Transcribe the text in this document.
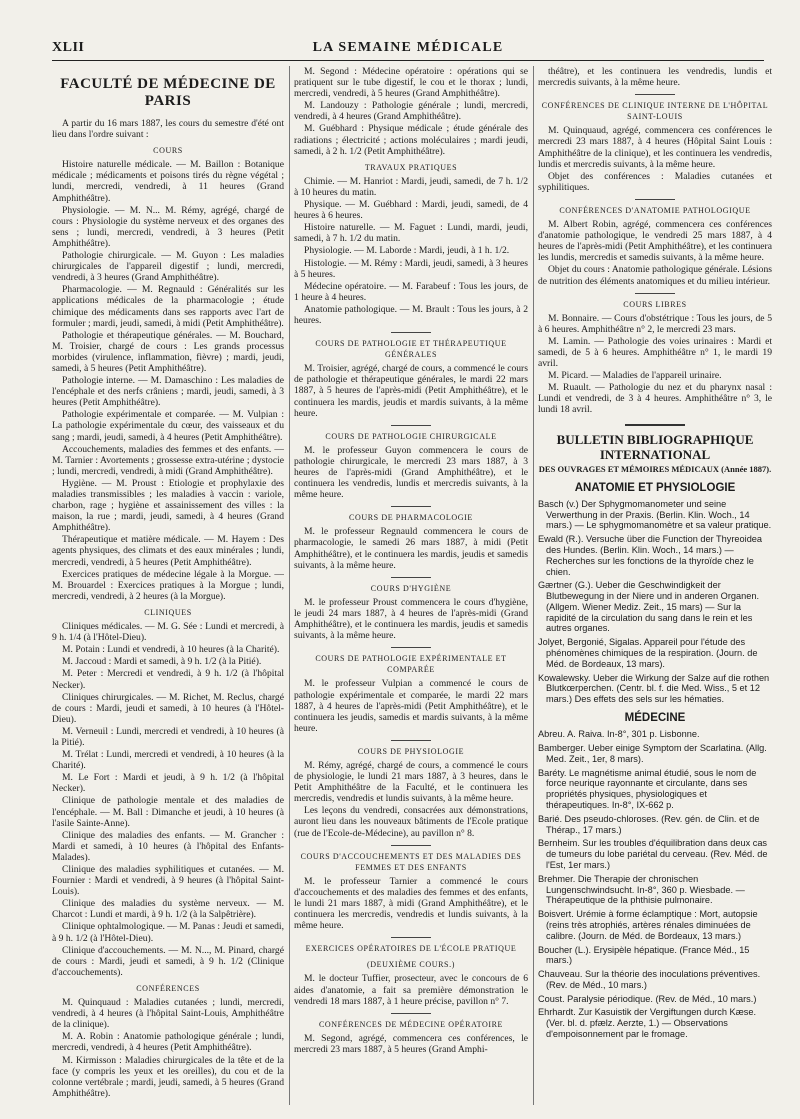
XLII	LA SEMAINE MÉDICALE
FACULTÉ DE MÉDECINE DE PARIS

A partir du 16 mars 1887, les cours du semestre d'été ont lieu dans l'ordre suivant :

COURS

Histoire naturelle médicale. — M. Baillon : Botanique médicale ; médicaments et poisons tirés du règne végétal ; lundi, mercredi, vendredi, à 11 heures (Grand Amphithéâtre).

Physiologie. — M. N... M. Rémy, agrégé, chargé de cours : Physiologie du système nerveux et des organes des sens ; lundi, mercredi, vendredi, à 3 heures (Petit Amphithéâtre).

Pathologie chirurgicale. — M. Guyon : Les maladies chirurgicales de l'appareil digestif ; lundi, mercredi, vendredi, à 3 heures (Grand Amphithéâtre).

Pharmacologie. — M. Regnauld : Généralités sur les applications médicales de la pharmacologie ; étude chimique des médicaments dans ses rapports avec l'art de formuler ; mardi, jeudi, samedi, à midi (Petit Amphithéâtre).

Pathologie et thérapeutique générales. — M. Bouchard, M. Troisier, chargé de cours : Les grands processus morbides (virulence, inflammation, fièvre) ; mardi, jeudi, samedi, à 5 heures (Petit Amphithéâtre).

Pathologie interne. — M. Damaschino : Les maladies de l'encéphale et des nerfs crâniens ; mardi, jeudi, samedi, à 3 heures (Petit Amphithéâtre).

Pathologie expérimentale et comparée. — M. Vulpian : La pathologie expérimentale du cœur, des vaisseaux et du sang ; mardi, jeudi, samedi, à 4 heures (Petit Amphithéâtre).

Accouchements, maladies des femmes et des enfants. — M. Tarnier : Avortements ; grossesse extra-utérine ; dystocie ; lundi, mercredi, vendredi, à midi (Grand Amphithéâtre).

Hygiène. — M. Proust : Etiologie et prophylaxie des maladies transmissibles ; les maladies à vaccin : variole, charbon, rage ; hygiène et assainissement des villes : la maison, la rue ; mardi, jeudi, samedi, à 4 heures (Grand Amphithéâtre).

Thérapeutique et matière médicale. — M. Hayem : Des agents physiques, des climats et des eaux minérales ; lundi, mercredi, vendredi, à 5 heures (Petit Amphithéâtre).

Exercices pratiques de médecine légale à la Morgue. — M. Brouardel : Exercices pratiques à la Morgue ; lundi, mercredi, vendredi, à 2 heures (à la Morgue).

CLINIQUES

Cliniques médicales. — M. G. Sée : Lundi et mercredi, à 9 h. 1/4 (à l'Hôtel-Dieu).

M. Potain : Lundi et vendredi, à 10 heures (à la Charité).

M. Jaccoud : Mardi et samedi, à 9 h. 1/2 (à la Pitié).

M. Peter : Mercredi et vendredi, à 9 h. 1/2 (à l'hôpital Necker).

Cliniques chirurgicales. — M. Richet, M. Reclus, chargé de cours : Mardi, jeudi et samedi, à 10 heures (à l'Hôtel-Dieu).

M. Verneuil : Lundi, mercredi et vendredi, à 10 heures (à la Pitié).

M. Trélat : Lundi, mercredi et vendredi, à 10 heures (à la Charité).

M. Le Fort : Mardi et jeudi, à 9 h. 1/2 (à l'hôpital Necker).

Clinique de pathologie mentale et des maladies de l'encéphale. — M. Ball : Dimanche et jeudi, à 10 heures (à l'asile Sainte-Anne).

Clinique des maladies des enfants. — M. Grancher : Mardi et samedi, à 10 heures (à l'hôpital des Enfants-Malades).

Clinique des maladies syphilitiques et cutanées. — M. Fournier : Mardi et vendredi, à 9 heures (à l'hôpital Saint-Louis).

Clinique des maladies du système nerveux. — M. Charcot : Lundi et mardi, à 9 h. 1/2 (à la Salpêtrière).

Clinique ophtalmologique. — M. Panas : Jeudi et samedi, à 9 h. 1/2 (à l'Hôtel-Dieu).

Clinique d'accouchements. — M. N..., M. Pinard, chargé de cours : Mardi, jeudi et samedi, à 9 h. 1/2 (Clinique d'accouchements).

CONFÉRENCES

M. Quinquaud : Maladies cutanées ; lundi, mercredi, vendredi, à 4 heures (à l'hôpital Saint-Louis, Amphithéâtre de la clinique).

M. A. Robin : Anatomie pathologique générale ; lundi, mercredi, vendredi, à 4 heures (Petit Amphithéâtre).

M. Kirmisson : Maladies chirurgicales de la tête et de la face (y compris les yeux et les oreilles), du cou et de la colonne vertébrale ; mardi, jeudi, samedi, à 5 heures (Grand Amphithéâtre).

M. Segond : Médecine opératoire : opérations qui se pratiquent sur le tube digestif, le cou et le thorax ; lundi, mercredi, vendredi, à 5 heures (Grand Amphithéâtre).

M. Landouzy : Pathologie générale ; lundi, mercredi, vendredi, à 4 heures (Grand Amphithéâtre).

M. Guébhard : Physique médicale ; étude générale des radiations ; électricité ; actions moléculaires ; mardi jeudi, samedi, à 2 h. 1/2 (Petit Amphithéâtre).

TRAVAUX PRATIQUES

Chimie. — M. Hanriot : Mardi, jeudi, samedi, de 7 h. 1/2 à 10 heures du matin.

Physique. — M. Guébhard : Mardi, jeudi, samedi, de 4 heures à 6 heures.

Histoire naturelle. — M. Faguet : Lundi, mardi, jeudi, samedi, à 7 h. 1/2 du matin.

Physiologie. — M. Laborde : Mardi, jeudi, à 1 h. 1/2.

Histologie. — M. Rémy : Mardi, jeudi, samedi, à 3 heures à 5 heures.

Médecine opératoire. — M. Farabeuf : Tous les jours, de 1 heure à 4 heures.

Anatomie pathologique. — M. Brault : Tous les jours, à 2 heures.

COURS DE PATHOLOGIE ET THÉRAPEUTIQUE GÉNÉRALES

M. Troisier, agrégé, chargé de cours, a commencé le cours de pathologie et thérapeutique générales, le mardi 22 mars 1887, à 5 heures de l'après-midi (Petit Amphithéâtre), et le continuera les mardis, jeudis et mardis suivants, à la même heure.

COURS DE PATHOLOGIE CHIRURGICALE

M. le professeur Guyon commencera le cours de pathologie chirurgicale, le mercredi 23 mars 1887, à 3 heures de l'après-midi (Grand Amphithéâtre), et le continuera les vendredis, lundis et mercredis suivants, à la même heure.

COURS DE PHARMACOLOGIE

M. le professeur Regnauld commencera le cours de pharmacologie, le samedi 26 mars 1887, à midi (Petit Amphithéâtre), et le continuera les mardis, jeudis et samedis suivants, à la même heure.

COURS D'HYGIÈNE

M. le professeur Proust commencera le cours d'hygiène, le jeudi 24 mars 1887, à 4 heures de l'après-midi (Grand Amphithéâtre), et le continuera les mardis, jeudis et samedis suivants, à la même heure.

COURS DE PATHOLOGIE EXPÉRIMENTALE ET COMPARÉE

M. le professeur Vulpian a commencé le cours de pathologie expérimentale et comparée, le mardi 22 mars 1887, à 4 heures de l'après-midi (Petit Amphithéâtre), et le continuera les jeudis, samedis et mardis suivants, à la même heure.

COURS DE PHYSIOLOGIE

M. Rémy, agrégé, chargé de cours, a commencé le cours de physiologie, le lundi 21 mars 1887, à 3 heures, dans le Petit Amphithéâtre de la Faculté, et le continuera les mercredis, vendredis et lundis suivants, à la même heure.

Les leçons du vendredi, consacrées aux démonstrations, auront lieu dans les nouveaux bâtiments de l'Ecole pratique (rue de l'Ecole-de-Médecine), au pavillon n° 8.

COURS D'ACCOUCHEMENTS ET DES MALADIES DES FEMMES ET DES ENFANTS

M. le professeur Tarnier a commencé le cours d'accouchements et des maladies des femmes et des enfants, le lundi 21 mars 1887, à midi (Grand Amphithéâtre), et le continuera les mercredis, vendredis et lundis suivants, à la même heure.

EXERCICES OPÉRATOIRES DE L'ÉCOLE PRATIQUE
(DEUXIÈME COURS.)

M. le docteur Tuffier, prosecteur, avec le concours de 6 aides d'anatomie, a fait sa première démonstration le vendredi 18 mars 1887, à 1 heure précise, pavillon n° 7.

CONFÉRENCES DE MÉDECINE OPÉRATOIRE

M. Segond, agrégé, commencera ces conférences, le mercredi 23 mars 1887, à 5 heures (Grand Amphi-

théâtre), et les continuera les vendredis, lundis et mercredis suivants, à la même heure.

CONFÉRENCES DE CLINIQUE INTERNE DE L'HÔPITAL SAINT-LOUIS

M. Quinquaud, agrégé, commencera ces conférences le mercredi 23 mars 1887, à 4 heures (Hôpital Saint Louis : Amphithéâtre de la clinique), et les continuera les vendredis, lundis et mercredis suivants, à la même heure.

Objet des conférences : Maladies cutanées et syphilitiques.

CONFÉRENCES D'ANATOMIE PATHOLOGIQUE

M. Albert Robin, agrégé, commencera ces conférences d'anatomie pathologique, le vendredi 25 mars 1887, à 4 heures de l'après-midi (Petit Amphithéâtre), et les continuera les lundis, mercredis et samedis suivants, à la même heure.

Objet du cours : Anatomie pathologique générale. Lésions de nutrition des éléments anatomiques et du milieu intérieur.

COURS LIBRES

M. Bonnaire. — Cours d'obstétrique : Tous les jours, de 5 à 6 heures. Amphithéâtre n° 2, le mercredi 23 mars.

M. Lamin. — Pathologie des voies urinaires : Mardi et samedi, de 5 à 6 heures. Amphithéâtre n° 1, le mardi 19 avril.

M. Picard. — Maladies de l'appareil urinaire.

M. Ruault. — Pathologie du nez et du pharynx nasal : Lundi et vendredi, de 3 à 4 heures. Amphithéâtre n° 3, le lundi 18 avril.

BULLETIN BIBLIOGRAPHIQUE INTERNATIONAL
DES OUVRAGES ET MÉMOIRES MÉDICAUX (Année 1887).
ANATOMIE ET PHYSIOLOGIE

Basch (v.) Der Sphygmomanometer und seine Verwerthung in der Praxis. (Berlin. Klin. Woch., 14 mars.) — Le sphygmomanomètre et sa valeur pratique.

Ewald (R.). Versuche über die Function der Thyreoidea des Hundes. (Berlin. Klin. Woch., 14 mars.) — Recherches sur les fonctions de la thyroïde chez le chien.

Gærtner (G.). Ueber die Geschwindigkeit der Blutbewegung in der Niere und in anderen Organen. (Allgem. Wiener Mediz. Zeit., 15 mars) — Sur la rapidité de la circulation du sang dans le rein et les autres organes.

Jolyet, Bergonié, Sigalas. Appareil pour l'étude des phénomènes chimiques de la respiration. (Journ. de Méd. de Bordeaux, 13 mars).

Kowalewsky. Ueber die Wirkung der Salze auf die rothen Blutkœrperchen. (Centr. bl. f. die Med. Wiss., 5 et 12 mars.) Des effets des sels sur les hématies.

MÉDECINE

Abreu. A. Raiva. In-8°, 301 p. Lisbonne.

Bamberger. Ueber einige Symptom der Scarlatina. (Allg. Med. Zeit., 1er, 8 mars).

Baréty. Le magnétisme animal étudié, sous le nom de force neurique rayonnante et circulante, dans ses propriétés physiques, physiologiques et thérapeutiques. In-8°, IX-662 p.

Barié. Des pseudo-chloroses. (Rev. gén. de Clin. et de Thérap., 17 mars.)

Bernheim. Sur les troubles d'équilibration dans deux cas de tumeurs du lobe pariétal du cerveau. (Rev. Méd. de l'Est, 1er mars.)

Brehmer. Die Therapie der chronischen Lungenschwindsucht. In-8°, 360 p. Wiesbade. — Thérapeutique de la phthisie pulmonaire.

Boisvert. Urémie à forme éclamptique : Mort, autopsie (reins très atrophiés, artères rénales diminuées de calibre. (Journ. de Méd. de Bordeaux, 13 mars.)

Boucher (L.). Erysipèle hépatique. (France Méd., 15 mars.)

Chauveau. Sur la théorie des inoculations préventives. (Rev. de Méd., 10 mars.)

Coust. Paralysie périodique. (Rev. de Méd., 10 mars.)

Ehrhardt. Zur Kasuistik der Vergiftungen durch Kæse. (Ver. bl. d. pfælz. Aerzte, 1.) — Observations d'empoisonnement par le fromage.
